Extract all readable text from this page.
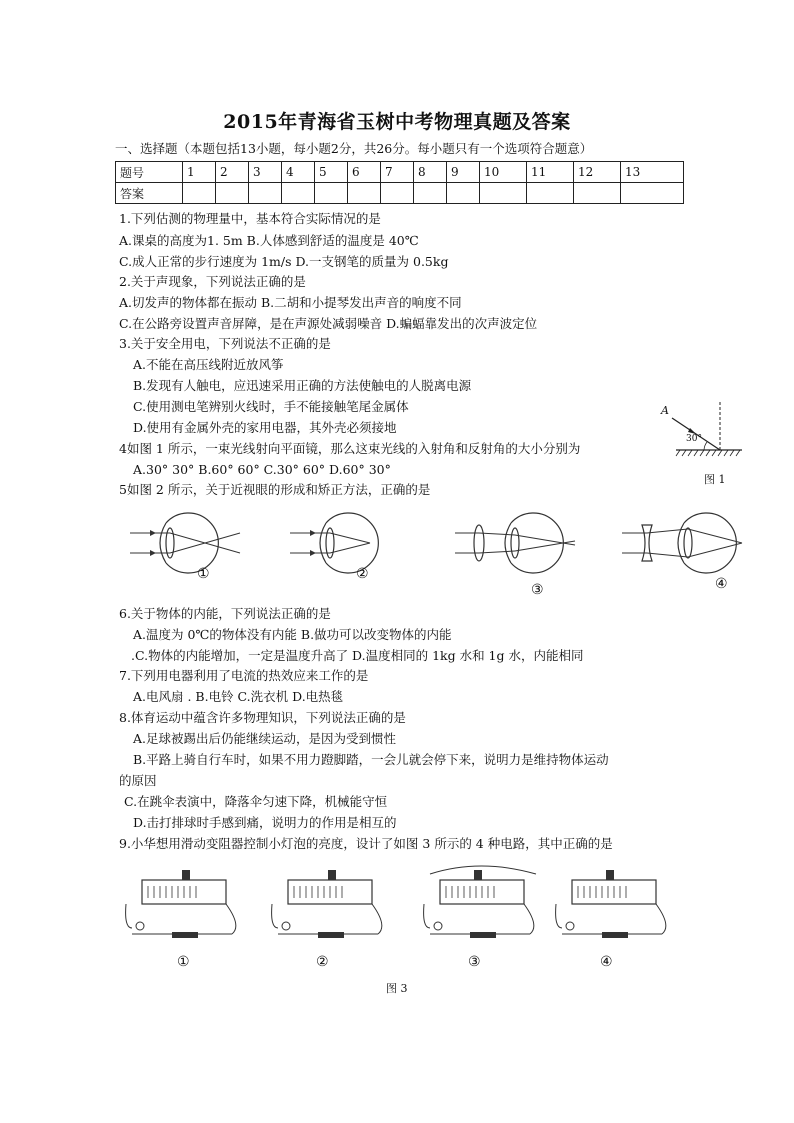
2015年青海省玉树中考物理真题及答案
一、选择题（本题包括13小题，每小题2分，共26分。每小题只有一个选项符合题意）
题号	1	2	3	4	5	6	7	8	9	10	11	12	13
答案													
1.下列估测的物理量中，基本符合实际情况的是
A.课桌的高度为1. 5m B.人体感到舒适的温度是 40℃
C.成人正常的步行速度为 1m/s D.一支钢笔的质量为 0.5kg
2.关于声现象，下列说法正确的是
A.切发声的物体都在振动 B.二胡和小提琴发出声音的响度不同
C.在公路旁设置声音屏障，是在声源处减弱噪音 D.蝙蝠靠发出的次声波定位
3.关于安全用电，下列说法不正确的是
A.不能在高压线附近放风筝
B.发现有人触电，应迅速采用正确的方法使触电的人脱离电源
C.使用测电笔辨别火线时，手不能接触笔尾金属体
D.使用有金属外壳的家用电器，其外壳必须接地
4如图 1 所示，一束光线射向平面镜，那么这束光线的入射角和反射角的大小分别为
A.30° 30° B.60° 60° C.30° 60° D.60° 30°
5如图 2 所示，关于近视眼的形成和矫正方法，正确的是
A
30°
图 1
①	②
③	④
6.关于物体的内能，下列说法正确的是
A.温度为 0℃的物体没有内能 B.做功可以改变物体的内能
.C.物体的内能增加，一定是温度升高了 D.温度相同的 1kg 水和 1g 水，内能相同
7.下列用电器利用了电流的热效应来工作的是
A.电风扇 . B.电铃 C.洗衣机 D.电热毯
8.体育运动中蕴含许多物理知识，下列说法正确的是
A.足球被踢出后仍能继续运动，是因为受到惯性
B.平路上骑自行车时，如果不用力蹬脚踏，一会儿就会停下来，说明力是维持物体运动
的原因
C.在跳伞表演中，降落伞匀速下降，机械能守恒
D.击打排球时手感到痛，说明力的作用是相互的
9.小华想用滑动变阻器控制小灯泡的亮度，设计了如图 3 所示的 4 种电路，其中正确的是
①	②	③	④
图 3
